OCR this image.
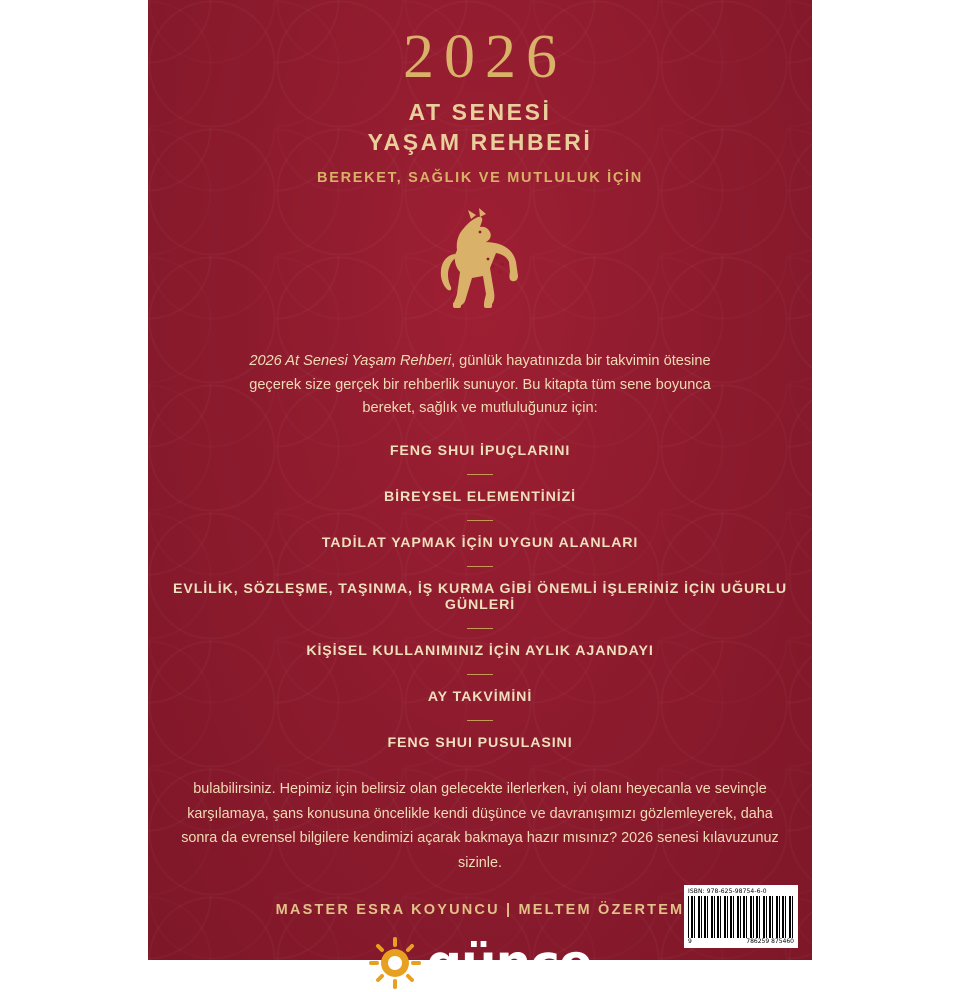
2026
AT SENESİ
YAŞAM REHBERİ
BEREKET, SAĞLIK VE MUTLULUK İÇİN

2026 At Senesi Yaşam Rehberi, günlük hayatınızda bir takvimin ötesine geçerek size gerçek bir rehberlik sunuyor. Bu kitapta tüm sene boyunca bereket, sağlık ve mutluluğunuz için:

FENG SHUI İPUÇLARINI
BİREYSEL ELEMENTİNİZİ
TADİLAT YAPMAK İÇİN UYGUN ALANLARI
EVLİLİK, SÖZLEŞME, TAŞINMA, İŞ KURMA GİBİ ÖNEMLİ İŞLERİNİZ İÇİN UĞURLU GÜNLERİ
KİŞİSEL KULLANIMINIZ İÇİN AYLIK AJANDAYI
AY TAKVİMİNİ
FENG SHUI PUSULASINI

bulabilirsiniz. Hepimiz için belirsiz olan gelecekte ilerlerken, iyi olanı heyecanla ve sevinçle karşılamaya, şans konusuna öncelikle kendi düşünce ve davranışımızı gözlemleyerek, daha sonra da evrensel bilgilere kendimizi açarak bakmaya hazır mısınız? 2026 senesi kılavuzunuz sizinle.

MASTER ESRA KOYUNCU | MELTEM ÖZERTEM
günçe
ISBN: 978-625-98754-6-0
9	786259 875460
